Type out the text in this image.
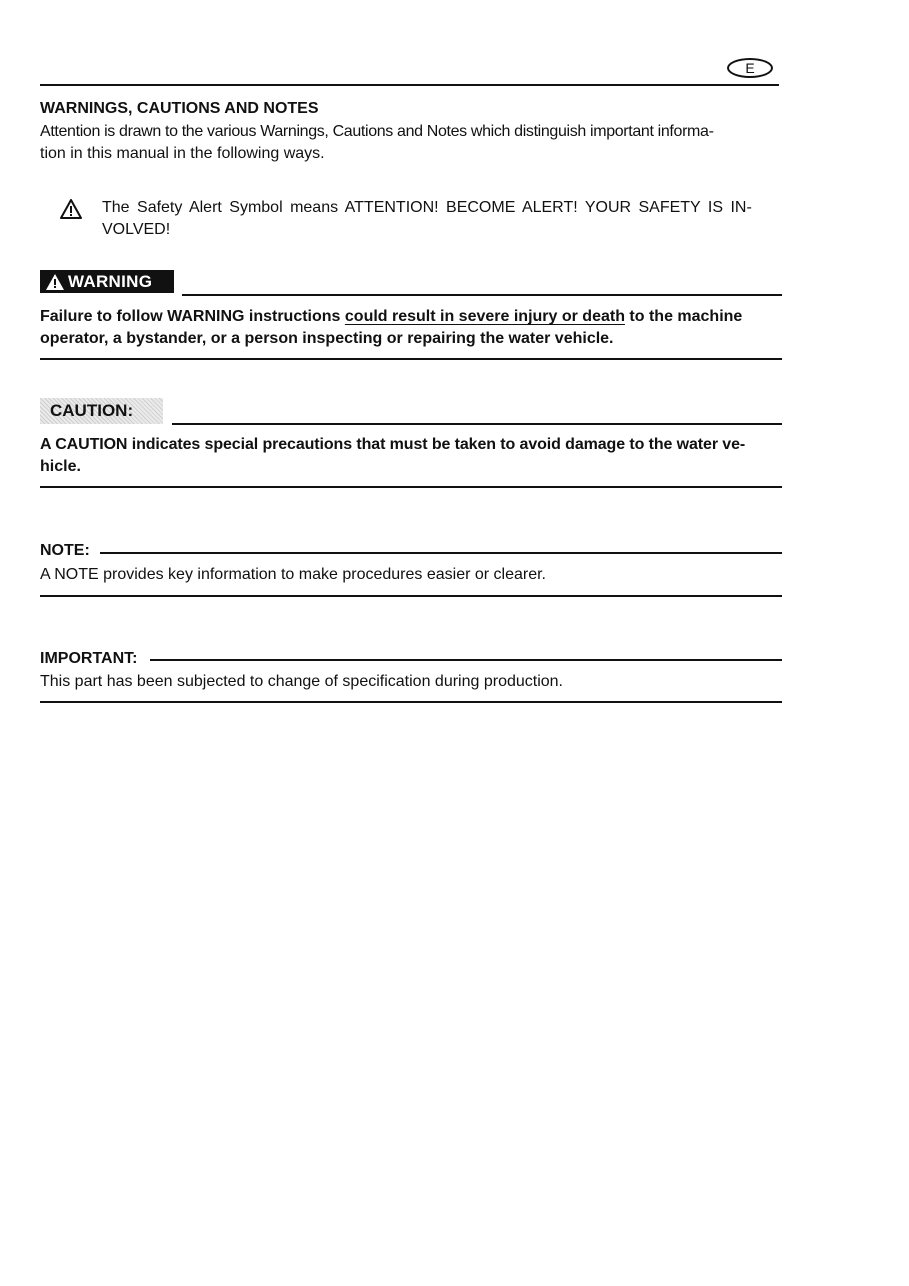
E
WARNINGS, CAUTIONS AND NOTES
Attention is drawn to the various Warnings, Cautions and Notes which distinguish important informa-
tion in this manual in the following ways.
The Safety Alert Symbol means ATTENTION! BECOME ALERT! YOUR SAFETY IS IN-
VOLVED!
WARNING
Failure to follow WARNING instructions could result in severe injury or death to the machine
operator, a bystander, or a person inspecting or repairing the water vehicle.
CAUTION:
A CAUTION indicates special precautions that must be taken to avoid damage to the water ve-
hicle.
NOTE:
A NOTE provides key information to make procedures easier or clearer.
IMPORTANT:
This part has been subjected to change of specification during production.
